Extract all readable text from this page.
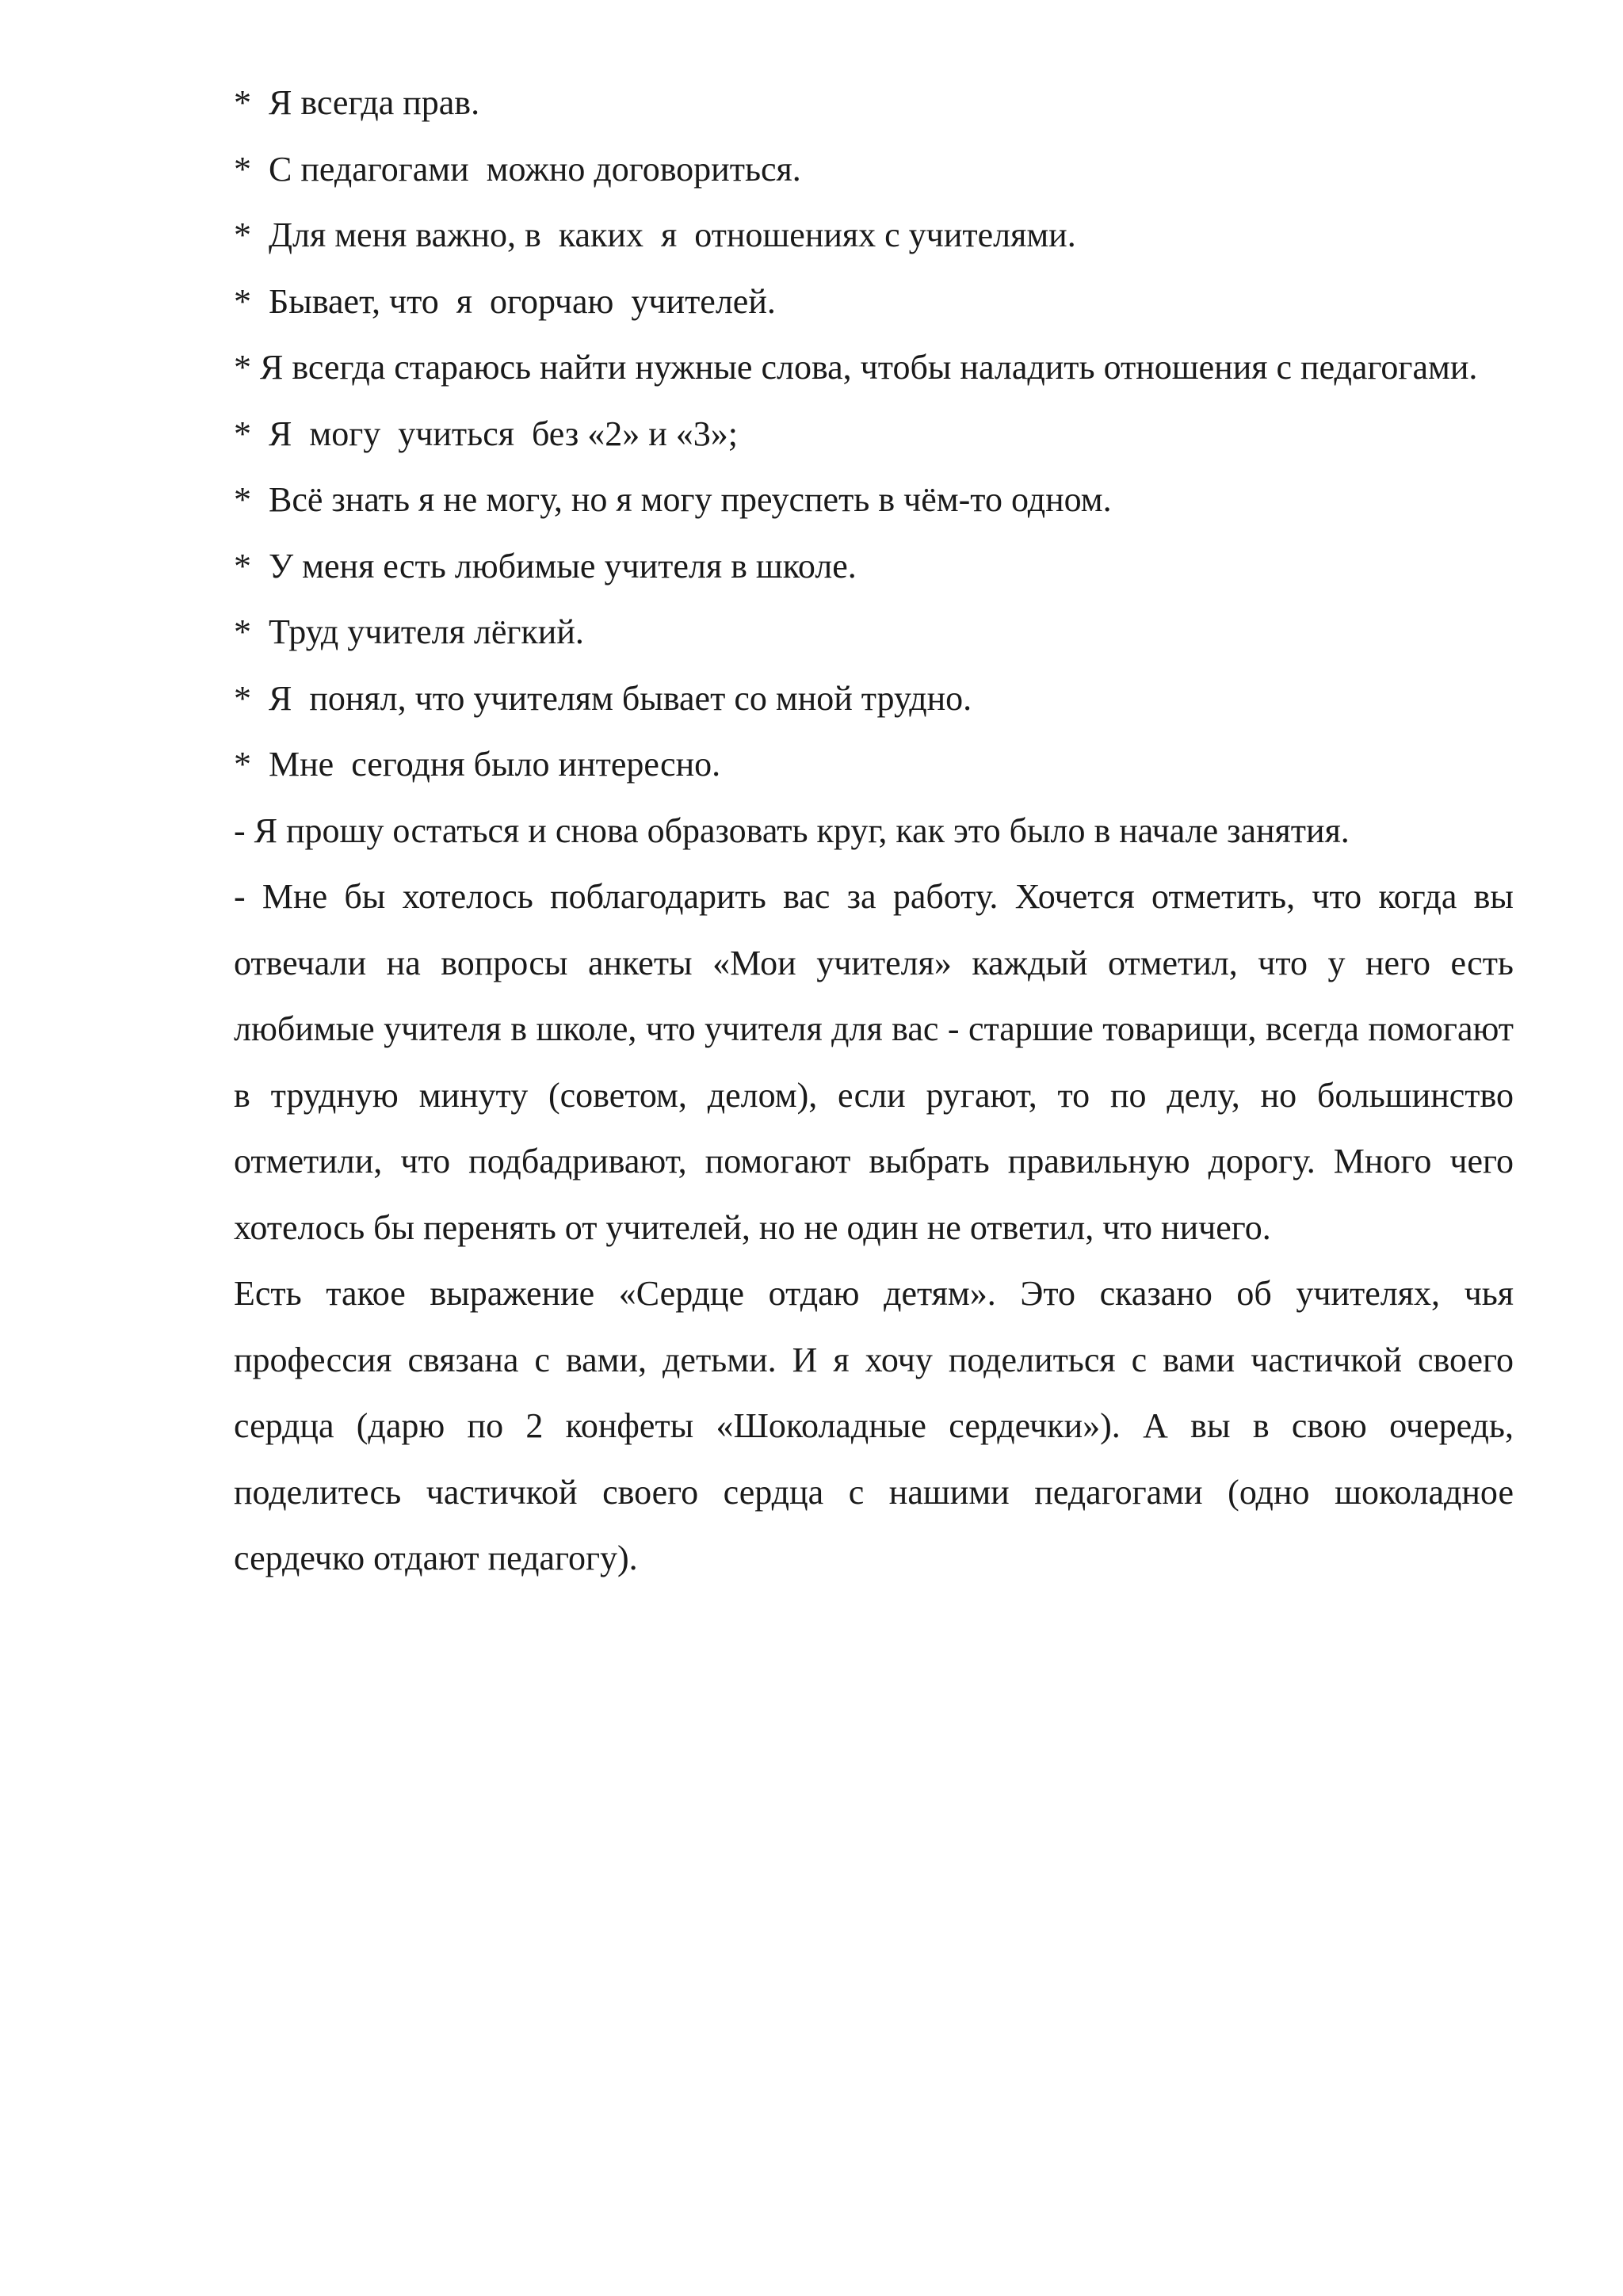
*  Я всегда прав.
*  С педагогами  можно договориться.
*  Для меня важно, в  каких  я  отношениях с учителями.
*  Бывает, что  я  огорчаю  учителей.

* Я всегда стараюсь найти нужные слова, чтобы наладить отношения с педагогами.

*  Я  могу  учиться  без «2» и «3»;
*  Всё знать я не могу, но я могу преуспеть в чём-то одном.
*  У меня есть любимые учителя в школе.
*  Труд учителя лёгкий.
*  Я  понял, что учителям бывает со мной трудно.
*  Мне  сегодня было интересно.
- Я прошу остаться и снова образовать круг, как это было в начале занятия.

- Мне бы хотелось поблагодарить вас за работу. Хочется отметить, что когда вы отвечали на вопросы анкеты «Мои учителя» каждый отметил, что у него есть любимые учителя в школе, что учителя для вас - старшие товарищи, всегда помогают в трудную минуту (советом, делом), если ругают, то по делу, но большинство отметили, что подбадривают, помогают выбрать правильную дорогу. Много чего хотелось бы перенять от учителей, но не один не ответил, что ничего.

Есть такое выражение «Сердце отдаю детям». Это сказано об учителях, чья профессия связана с вами, детьми. И я хочу поделиться с вами частичкой своего сердца (дарю по 2 конфеты «Шоколадные сердечки»). А вы в свою очередь, поделитесь частичкой своего сердца с нашими педагогами (одно шоколадное сердечко отдают педагогу).
